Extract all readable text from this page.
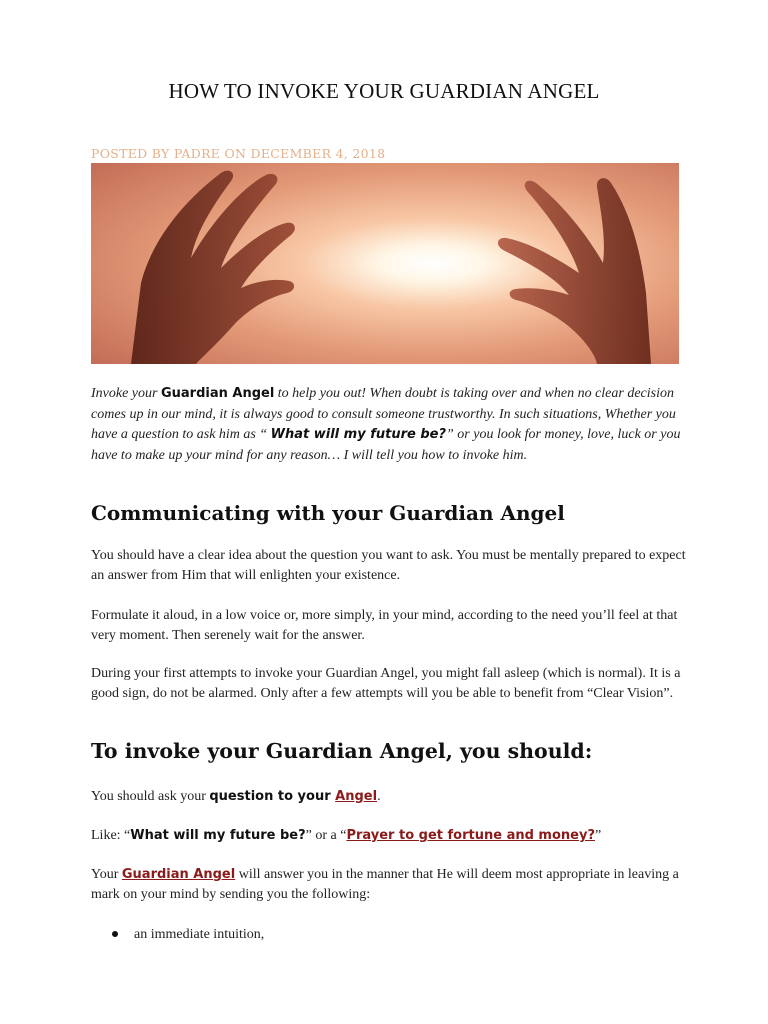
HOW TO INVOKE YOUR GUARDIAN ANGEL
POSTED BY PADRE ON DECEMBER 4, 2018
Invoke your Guardian Angel to help you out! When doubt is taking over and when no clear decision comes up in our mind, it is always good to consult someone trustworthy. In such situations, Whether you have a question to ask him as “ What will my future be?” or you look for money, love, luck or you have to make up your mind for any reason… I will tell you how to invoke him.
Communicating with your Guardian Angel

You should have a clear idea about the question you want to ask. You must be mentally prepared to expect an answer from Him that will enlighten your existence.

Formulate it aloud, in a low voice or, more simply, in your mind, according to the need you’ll feel at that very moment. Then serenely wait for the answer.

During your first attempts to invoke your Guardian Angel, you might fall asleep (which is normal). It is a good sign, do not be alarmed. Only after a few attempts will you be able to benefit from “Clear Vision”.

To invoke your Guardian Angel, you should:

You should ask your question to your Angel.

Like: “What will my future be?” or a “Prayer to get fortune and money?”

Your Guardian Angel will answer you in the manner that He will deem most appropriate in leaving a mark on your mind by sending you the following:

an immediate intuition,
